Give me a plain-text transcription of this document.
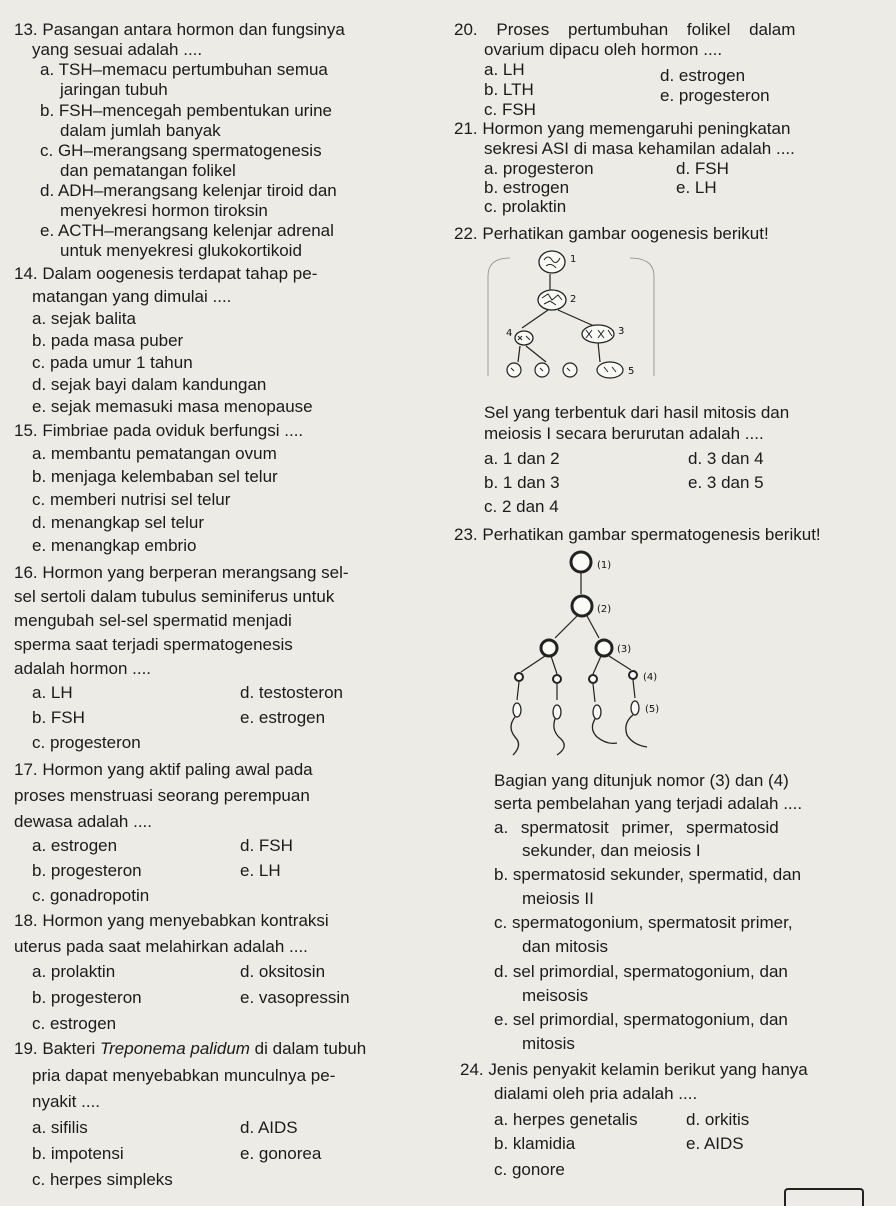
13. Pasangan antara hormon dan fungsinya
yang sesuai adalah ....
a. TSH–memacu pertumbuhan semua
jaringan tubuh
b. FSH–mencegah pembentukan urine
dalam jumlah banyak
c. GH–merangsang spermatogenesis
dan pematangan folikel
d. ADH–merangsang kelenjar tiroid dan
menyekresi hormon tiroksin
e. ACTH–merangsang kelenjar adrenal
untuk menyekresi glukokortikoid
14. Dalam oogenesis terdapat tahap pe-
matangan yang dimulai ....
a. sejak balita
b. pada masa puber
c. pada umur 1 tahun
d. sejak bayi dalam kandungan
e. sejak memasuki masa menopause
15. Fimbriae pada oviduk berfungsi ....
a. membantu pematangan ovum
b. menjaga kelembaban sel telur
c. memberi nutrisi sel telur
d. menangkap sel telur
e. menangkap embrio
16. Hormon yang berperan merangsang sel-
sel sertoli dalam tubulus seminiferus untuk
mengubah sel-sel spermatid menjadi
sperma saat terjadi spermatogenesis
adalah hormon ....
a. LH	d. testosteron
b. FSH	e. estrogen
c. progesteron
17. Hormon yang aktif paling awal pada
proses menstruasi seorang perempuan
dewasa adalah ....
a. estrogen	d. FSH
b. progesteron	e. LH
c. gonadropotin
18. Hormon yang menyebabkan kontraksi
uterus pada saat melahirkan adalah ....
a. prolaktin	d. oksitosin
b. progesteron	e. vasopressin
c. estrogen
19. Bakteri Treponema palidum di dalam tubuh
pria dapat menyebabkan munculnya pe-
nyakit ....
a. sifilis	d. AIDS
b. impotensi	e. gonorea
c. herpes simpleks
20. Proses pertumbuhan folikel dalam
ovarium dipacu oleh hormon ....
a. LH	d. estrogen
b. LTH	e. progesteron
c. FSH
21. Hormon yang memengaruhi peningkatan
sekresi ASI di masa kehamilan adalah ....
a. progesteron	d. FSH
b. estrogen	e. LH
c. prolaktin
22. Perhatikan gambar oogenesis berikut!
1
2
3
4
5
Sel yang terbentuk dari hasil mitosis dan
meiosis I secara berurutan adalah ....
a. 1 dan 2	d. 3 dan 4
b. 1 dan 3	e. 3 dan 5
c. 2 dan 4
23. Perhatikan gambar spermatogenesis berikut!
(1)
(2)
(3)
(4)
(5)
Bagian yang ditunjuk nomor (3) dan (4)
serta pembelahan yang terjadi adalah ....
a. spermatosit primer, spermatosid
sekunder, dan meiosis I
b. spermatosid sekunder, spermatid, dan
meiosis II
c. spermatogonium, spermatosit primer,
dan mitosis
d. sel primordial, spermatogonium, dan
meisosis
e. sel primordial, spermatogonium, dan
mitosis
24. Jenis penyakit kelamin berikut yang hanya
dialami oleh pria adalah ....
a. herpes genetalis	d. orkitis
b. klamidia	e. AIDS
c. gonore
